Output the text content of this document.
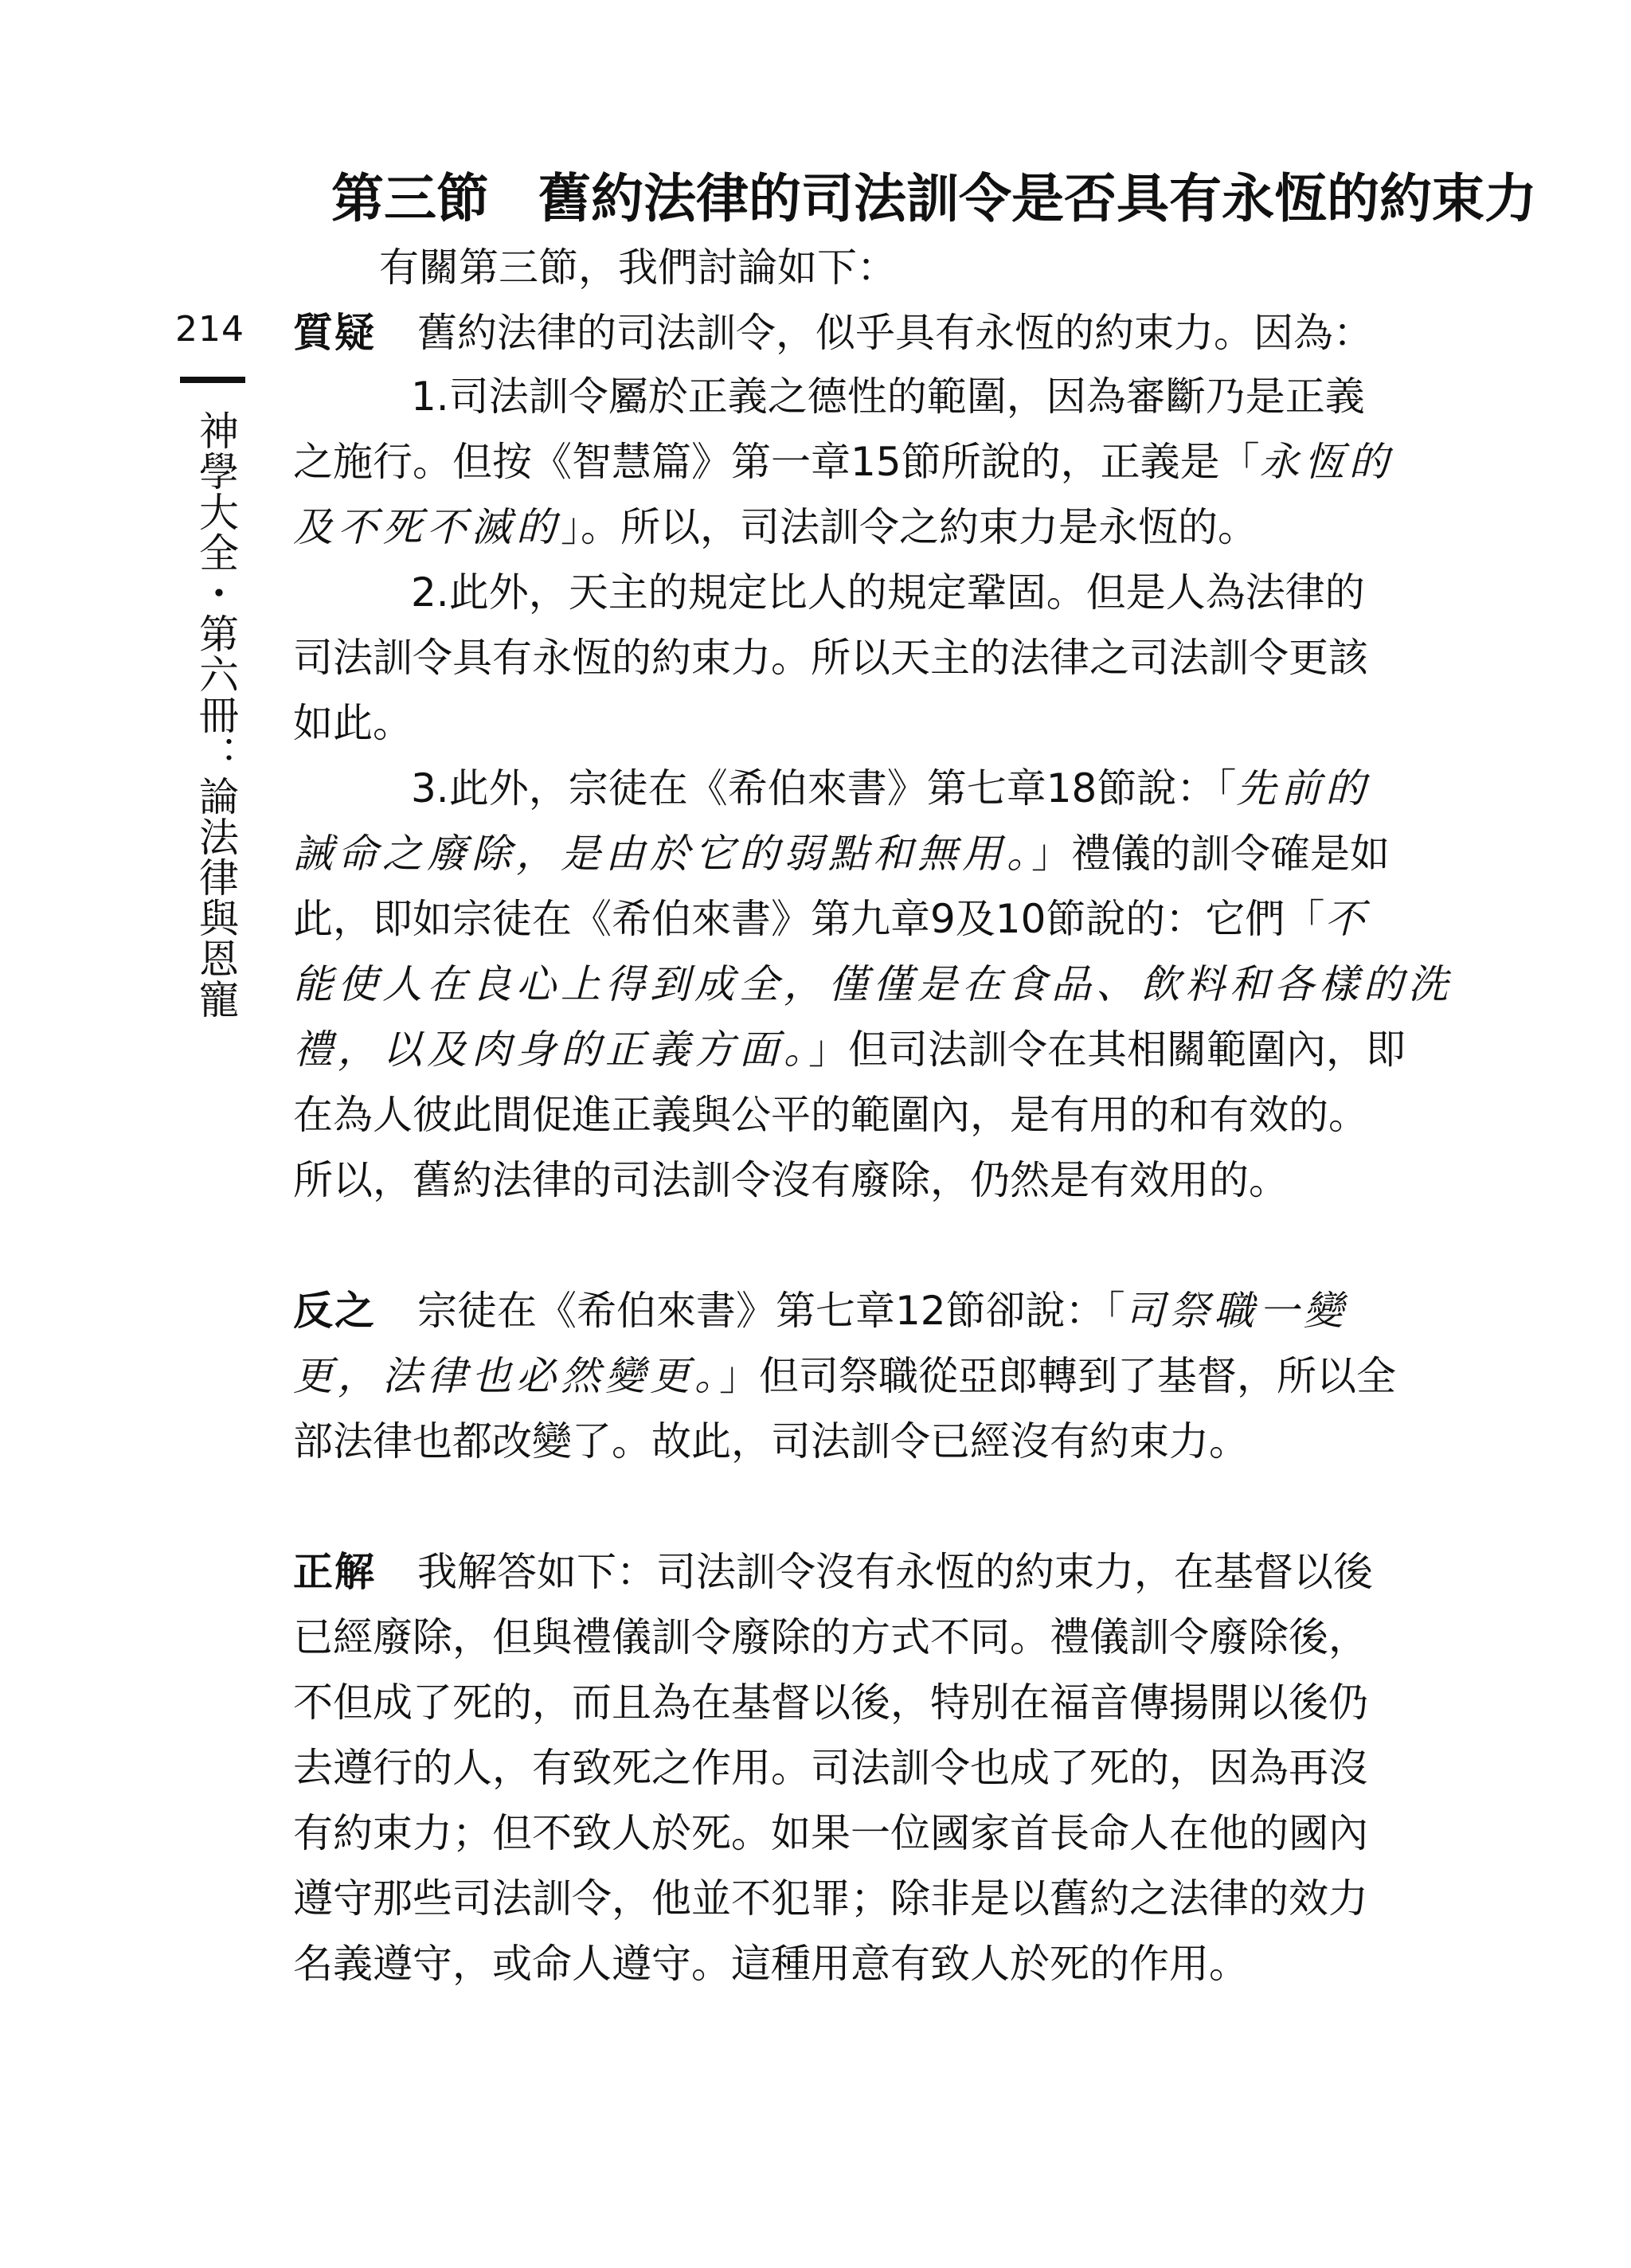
214
神學大全・第六冊：論法律與恩寵
第三節 舊約法律的司法訓令是否具有永恆的約束力
有關第三節，我們討論如下：
質疑 舊約法律的司法訓令，似乎具有永恆的約束力。因為：
1.司法訓令屬於正義之德性的範圍，因為審斷乃是正義
之施行。但按《智慧篇》第一章15節所說的，正義是「永恆的
及不死不滅的」。所以，司法訓令之約束力是永恆的。
2.此外，天主的規定比人的規定鞏固。但是人為法律的
司法訓令具有永恆的約束力。所以天主的法律之司法訓令更該
如此。
3.此外，宗徒在《希伯來書》第七章18節說：「先前的
誡命之廢除，是由於它的弱點和無用。」禮儀的訓令確是如
此，即如宗徒在《希伯來書》第九章9及10節說的：它們「不
能使人在良心上得到成全，僅僅是在食品、飲料和各樣的洗
禮，以及肉身的正義方面。」但司法訓令在其相關範圍內，即
在為人彼此間促進正義與公平的範圍內，是有用的和有效的。
所以，舊約法律的司法訓令沒有廢除，仍然是有效用的。
反之 宗徒在《希伯來書》第七章12節卻說：「司祭職一變
更，法律也必然變更。」但司祭職從亞郎轉到了基督，所以全
部法律也都改變了。故此，司法訓令已經沒有約束力。
正解 我解答如下：司法訓令沒有永恆的約束力，在基督以後
已經廢除，但與禮儀訓令廢除的方式不同。禮儀訓令廢除後，
不但成了死的，而且為在基督以後，特別在福音傳揚開以後仍
去遵行的人，有致死之作用。司法訓令也成了死的，因為再沒
有約束力；但不致人於死。如果一位國家首長命人在他的國內
遵守那些司法訓令，他並不犯罪；除非是以舊約之法律的效力
名義遵守，或命人遵守。這種用意有致人於死的作用。
